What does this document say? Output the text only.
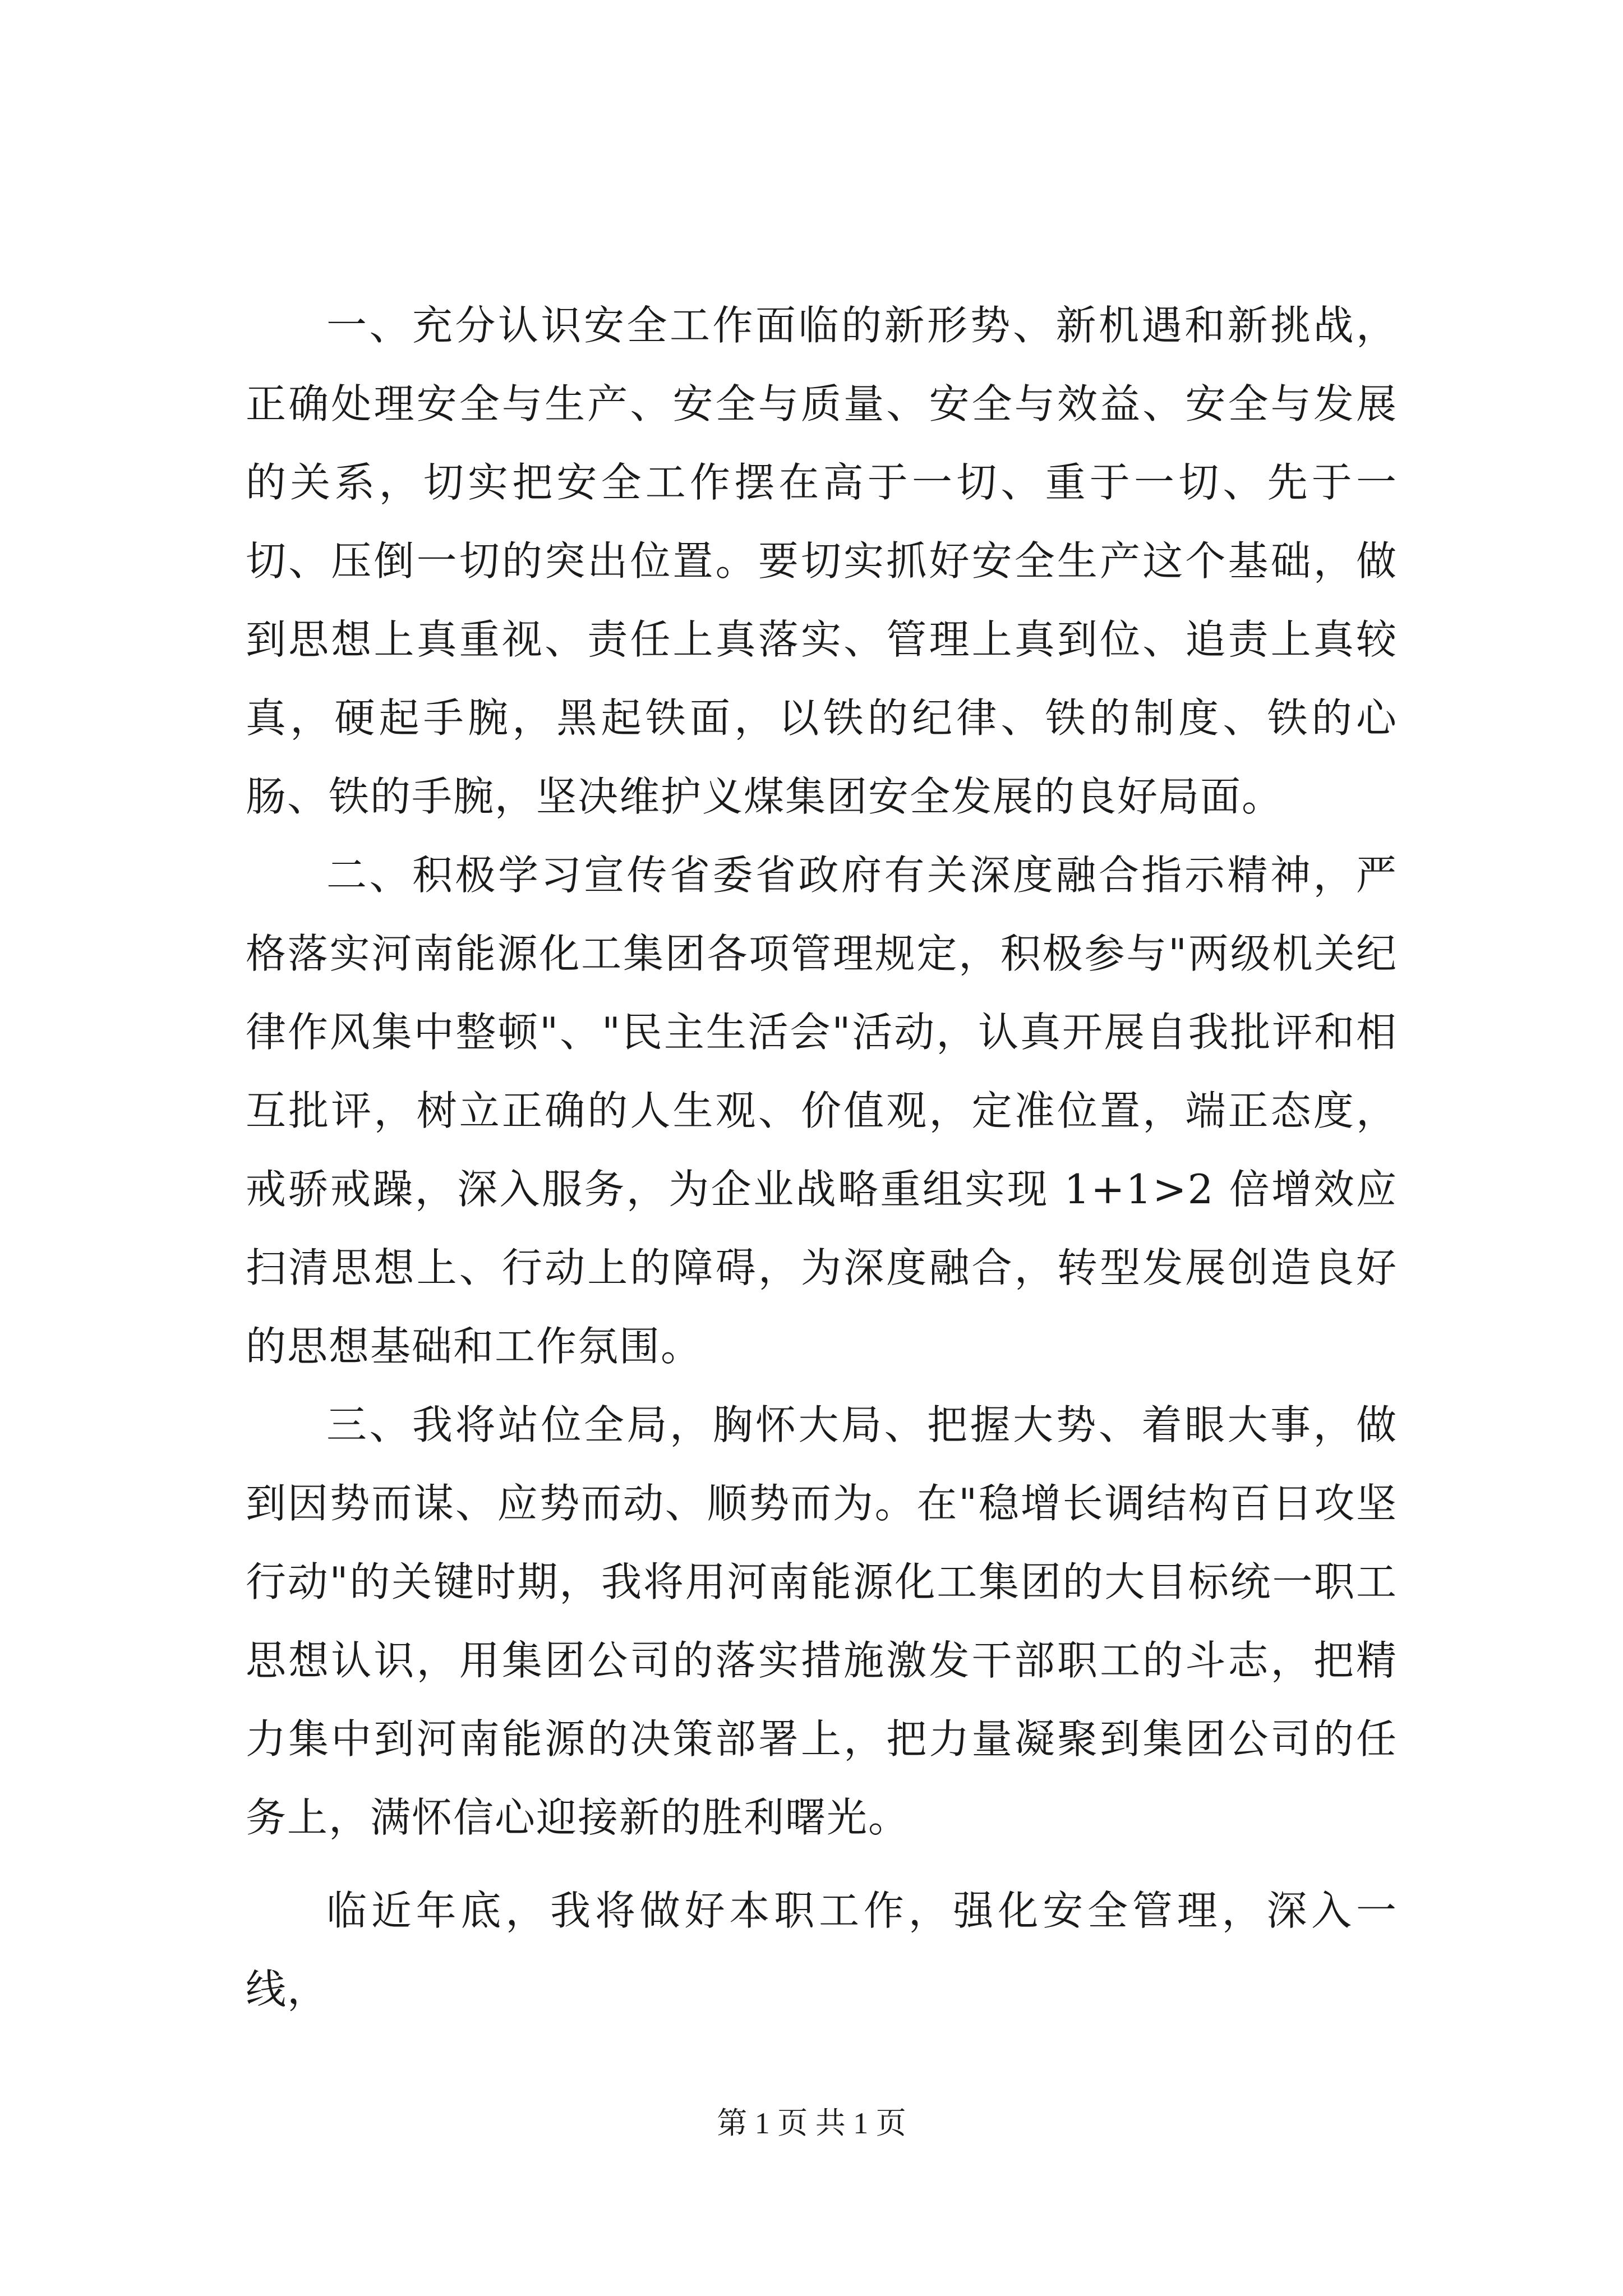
一、充分认识安全工作面临的新形势、新机遇和新挑战，正确处理安全与生产、安全与质量、安全与效益、安全与发展的关系，切实把安全工作摆在高于一切、重于一切、先于一切、压倒一切的突出位置。要切实抓好安全生产这个基础，做到思想上真重视、责任上真落实、管理上真到位、追责上真较真，硬起手腕，黑起铁面，以铁的纪律、铁的制度、铁的心肠、铁的手腕，坚决维护义煤集团安全发展的良好局面。

二、积极学习宣传省委省政府有关深度融合指示精神，严格落实河南能源化工集团各项管理规定，积极参与"两级机关纪律作风集中整顿"、"民主生活会"活动，认真开展自我批评和相互批评，树立正确的人生观、价值观，定准位置，端正态度，戒骄戒躁，深入服务，为企业战略重组实现 1+1>2 倍增效应扫清思想上、行动上的障碍，为深度融合，转型发展创造良好的思想基础和工作氛围。

三、我将站位全局，胸怀大局、把握大势、着眼大事，做到因势而谋、应势而动、顺势而为。在"稳增长调结构百日攻坚行动"的关键时期，我将用河南能源化工集团的大目标统一职工思想认识，用集团公司的落实措施激发干部职工的斗志，把精力集中到河南能源的决策部署上，把力量凝聚到集团公司的任务上，满怀信心迎接新的胜利曙光。

临近年底，我将做好本职工作，强化安全管理，深入一线，

第 1 页 共 1 页
